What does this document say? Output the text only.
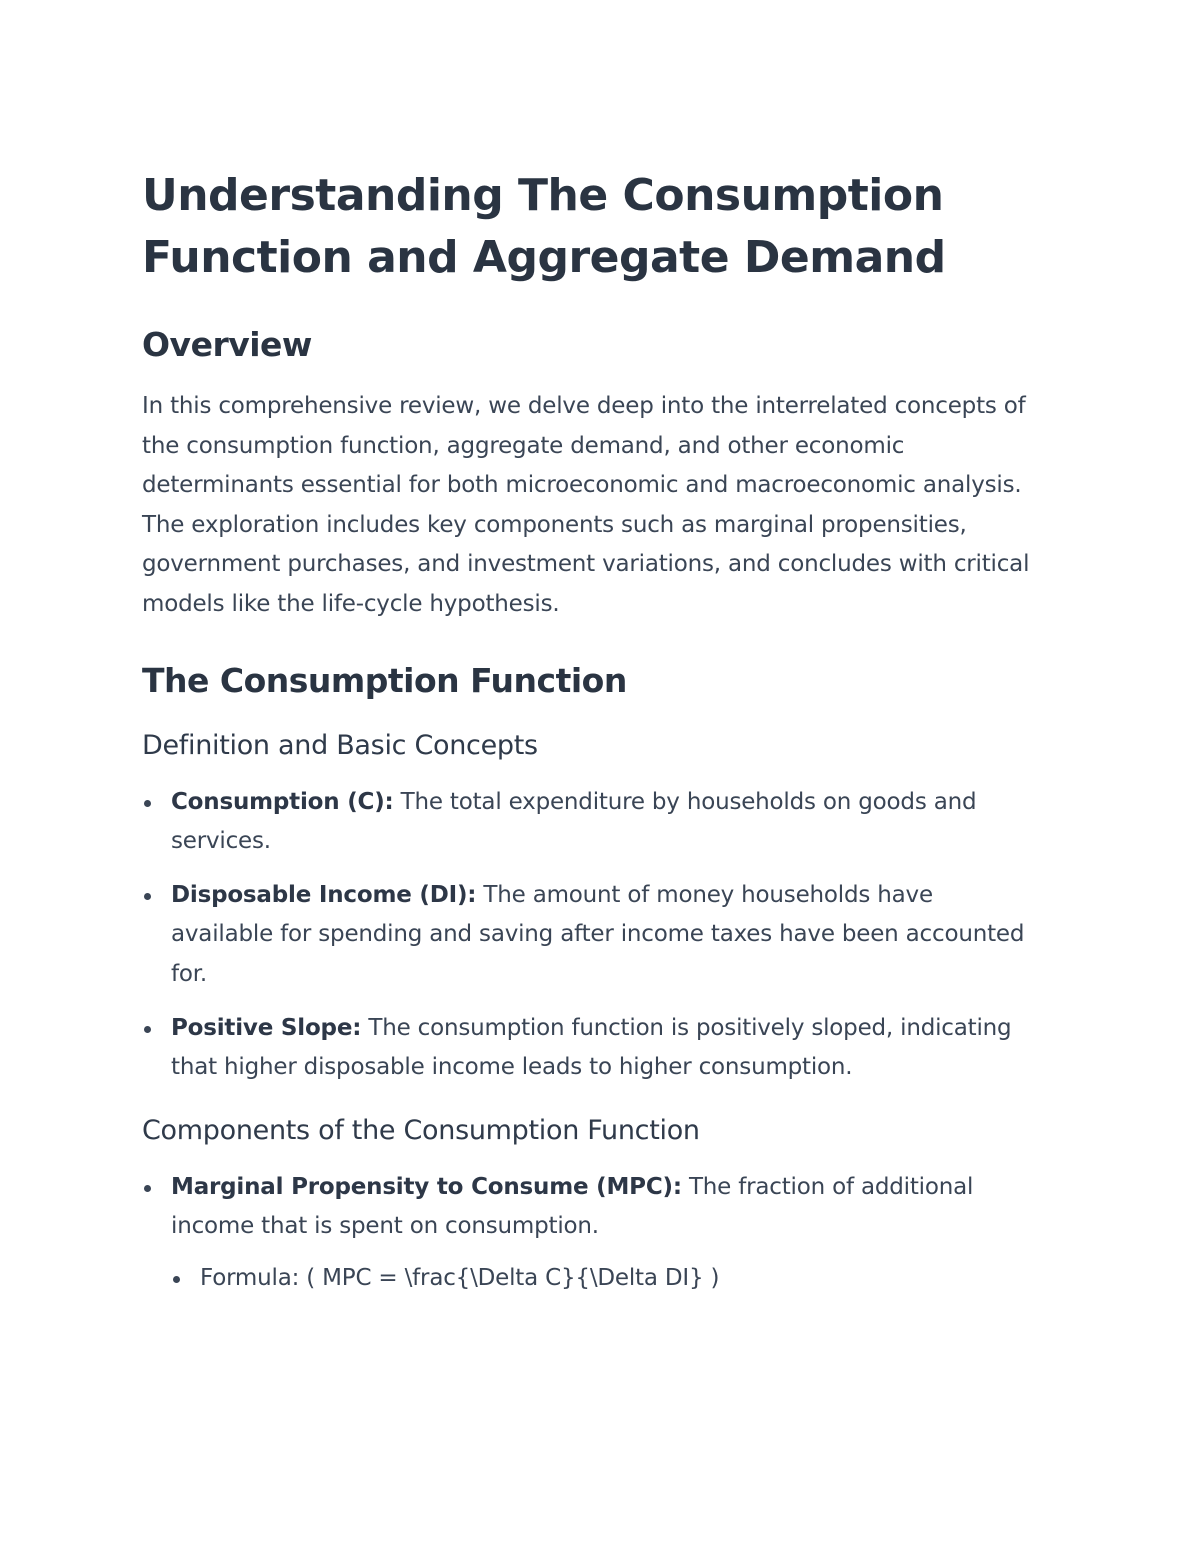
Understanding The Consumption Function and Aggregate Demand
Overview

In this comprehensive review, we delve deep into the interrelated concepts of the consumption function, aggregate demand, and other economic determinants essential for both microeconomic and macroeconomic analysis. The exploration includes key components such as marginal propensities, government purchases, and investment variations, and concludes with critical models like the life-cycle hypothesis.

The Consumption Function
Definition and Basic Concepts
Consumption (C): The total expenditure by households on goods and services.
Disposable Income (DI): The amount of money households have available for spending and saving after income taxes have been accounted for.
Positive Slope: The consumption function is positively sloped, indicating that higher disposable income leads to higher consumption.
Components of the Consumption Function
Marginal Propensity to Consume (MPC): The fraction of additional income that is spent on consumption.
Formula: ( MPC = \frac{\Delta C}{\Delta DI} )
